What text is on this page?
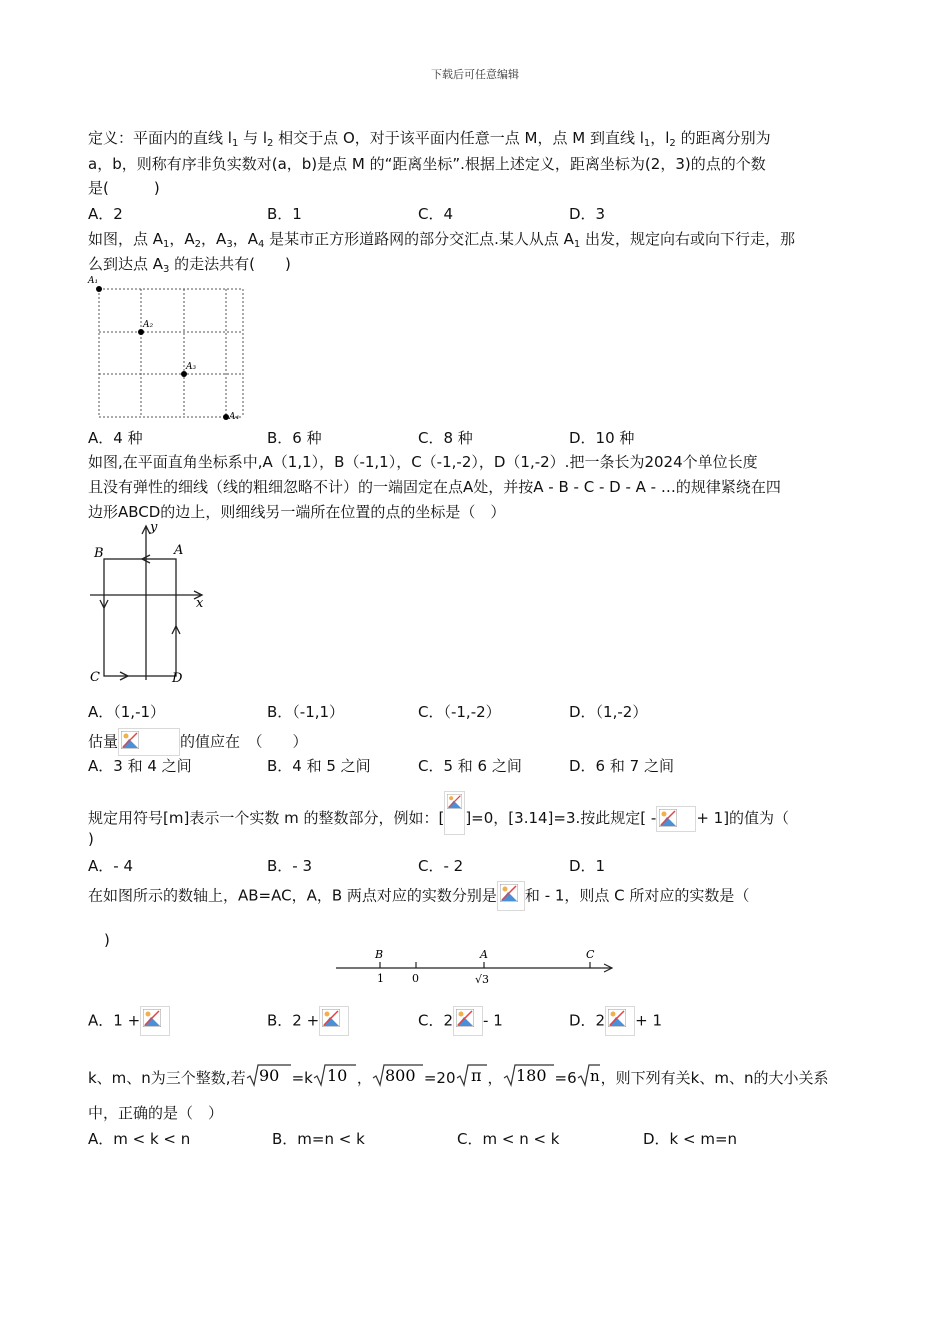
下载后可任意编辑
定义：平面内的直线 $l_1$ 与 $l_2$ 相交于点 O，对于该平面内任意一点 M，点 M 到直线 $l_1$，$l_2$ 的距离分别为
a，b，则称有序非负实数对(a，b)是点 M 的“距离坐标”.根据上述定义，距离坐标为(2，3)的点的个数
是(　　　)
A．2	B．1	C．4	D．3
如图，点 $A_1$，$A_2$，$A_3$，$A_4$ 是某市正方形道路网的部分交汇点.某人从点 $A_1$ 出发，规定向右或向下行走，那
么到达点 $A_3$ 的走法共有(　　)
A₁
A₂
A₃
A₄
A．4 种	B．6 种	C．8 种	D．10 种
如图,在平面直角坐标系中,A（1,1），B（-1,1），C（-1,-2），D（1,-2）.把一条长为2024个单位长度
且没有弹性的细线（线的粗细忽略不计）的一端固定在点A处，并按A - B - C - D - A - …的规律紧绕在四
边形ABCD的边上，则细线另一端所在位置的点的坐标是（　）
y
x
A
B
C	D
A．（1,-1）	B．（-1,1）	C．（-1,-2）	D．（1,-2）
估量	的值应在　（　　）
A．3 和 4 之间	B．4 和 5 之间	C．5 和 6 之间	D．6 和 7 之间
规定用符号[m]表示一个实数 m 的整数部分，例如：[ ]=0，[3.14]=3.按此规定[ -	+ 1]的值为（
)
A．- 4	B．- 3	C．- 2	D．1
在如图所示的数轴上，AB=AC，A，B 两点对应的实数分别是 和 - 1，则点 C 所对应的实数是（
)
B	A	C
1	0	√3
A．1 +	B．2 +	C．2 - 1	D．2 + 1
k、m、n为三个整数,若 90 =k 10 ， 800 =20 π ， 180 =6 n ，则下列有关k、m、n的大小关系
中，正确的是（　）
A．m < k < n	B．m=n < k	C．m < n < k	D．k < m=n
